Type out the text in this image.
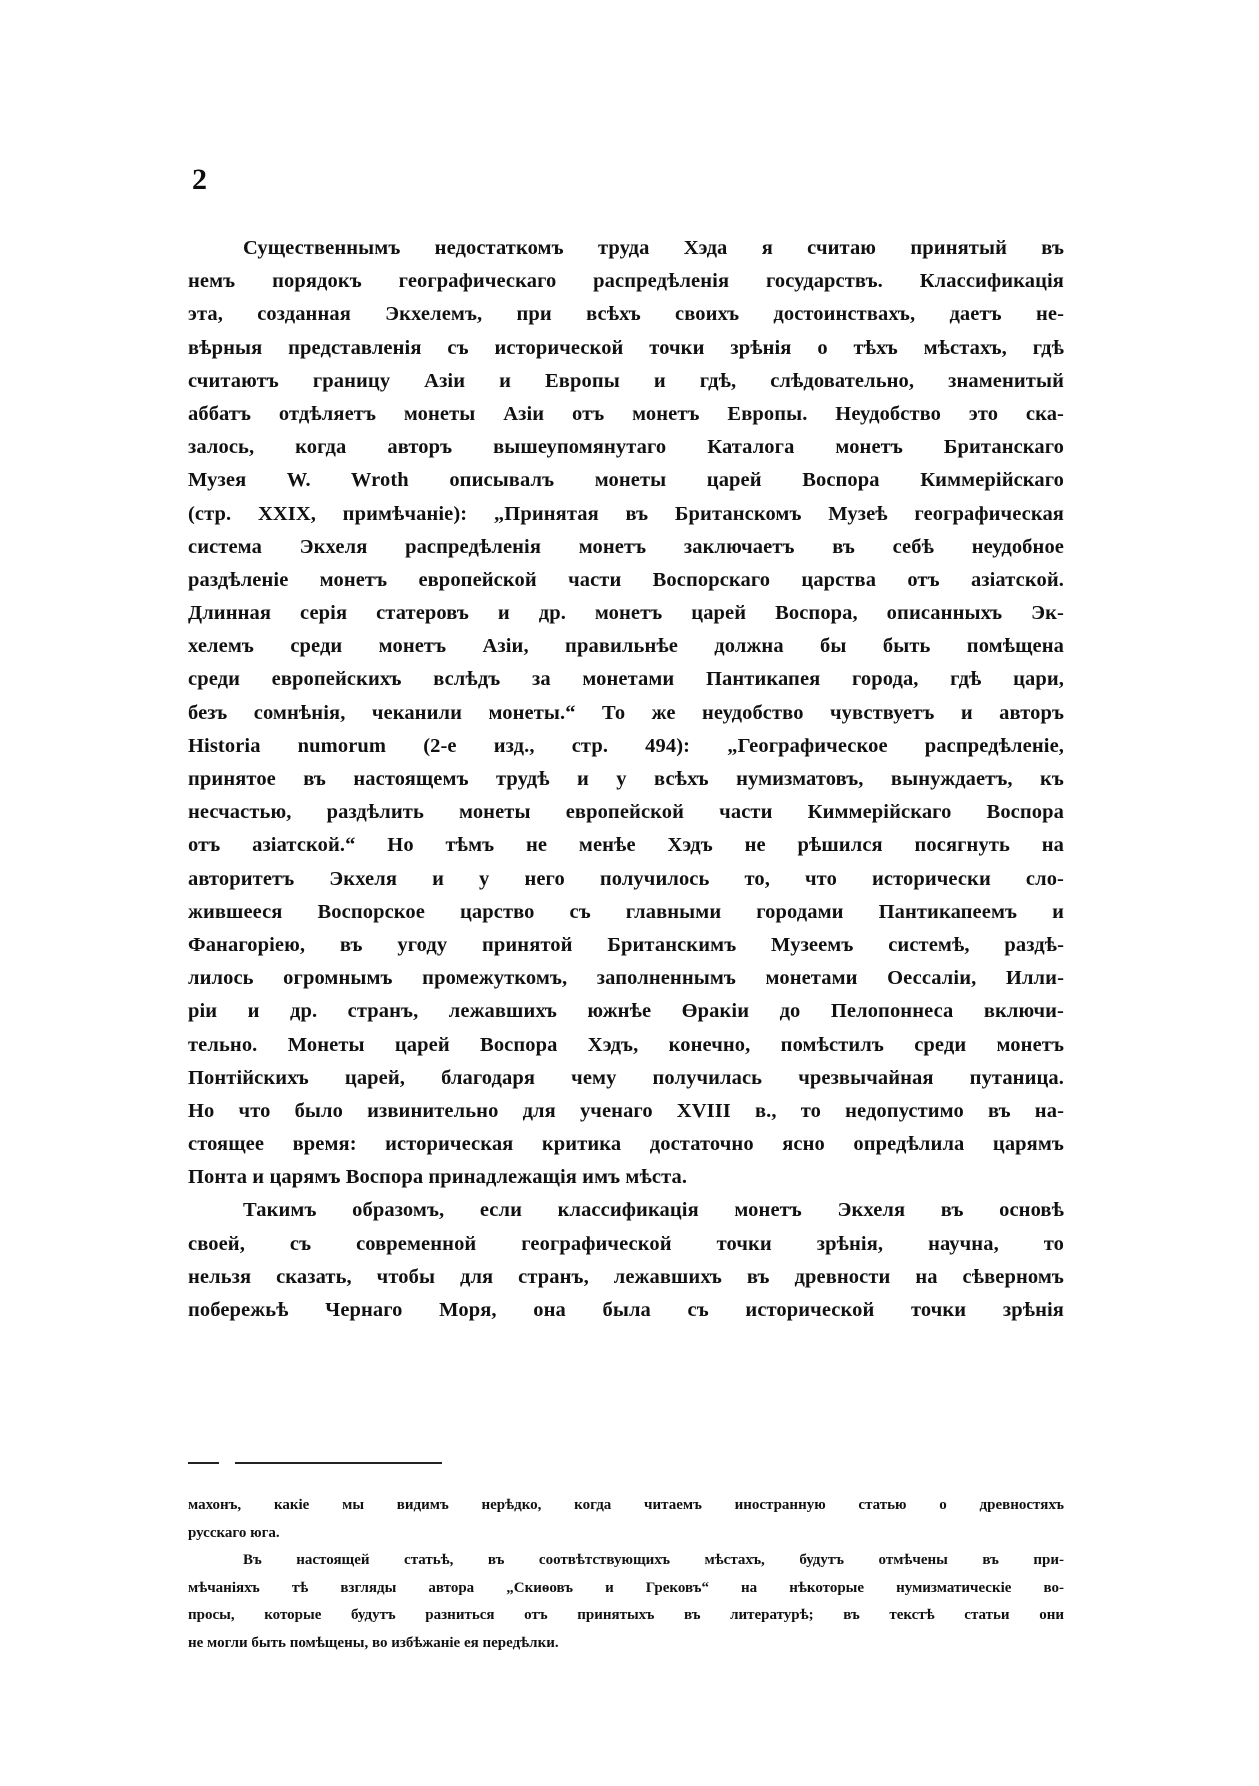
2
Существеннымъ недостаткомъ труда Хэда я считаю принятый въ
немъ порядокъ географическаго распредѣленія государствъ. Классификація
эта, созданная Экхелемъ, при всѣхъ своихъ достоинствахъ, даетъ не-
вѣрныя представленія съ исторической точки зрѣнія о тѣхъ мѣстахъ, гдѣ
считаютъ границу Азіи и Европы и гдѣ, слѣдовательно, знаменитый
аббатъ отдѣляетъ монеты Азіи отъ монетъ Европы. Неудобство это ска-
залось, когда авторъ вышеупомянутаго Каталога монетъ Британскаго
Музея W. Wroth описывалъ монеты царей Воспора Киммерійскаго
(стр. XXIX, примѣчаніе): „Принятая въ Британскомъ Музеѣ географическая
система Экхеля распредѣленія монетъ заключаетъ въ себѣ неудобное
раздѣленіе монетъ европейской части Воспорскаго царства отъ азіатской.
Длинная серія статеровъ и др. монетъ царей Воспора, описанныхъ Эк-
хелемъ среди монетъ Азіи, правильнѣе должна бы быть помѣщена
среди европейскихъ вслѣдъ за монетами Пантикапея города, гдѣ цари,
безъ сомнѣнія, чеканили монеты.“ То же неудобство чувствуетъ и авторъ
Historia numorum (2-е изд., стр. 494): „Географическое распредѣленіе,
принятое въ настоящемъ трудѣ и у всѣхъ нумизматовъ, вынуждаетъ, къ
несчастью, раздѣлить монеты европейской части Киммерійскаго Воспора
отъ азіатской.“ Но тѣмъ не менѣе Хэдъ не рѣшился посягнуть на
авторитетъ Экхеля и у него получилось то, что исторически сло-
жившееся Воспорское царство съ главными городами Пантикапеемъ и
Фанагоріею, въ угоду принятой Британскимъ Музеемъ системѣ, раздѣ-
лилось огромнымъ промежуткомъ, заполненнымъ монетами Оессаліи, Илли-
ріи и др. странъ, лежавшихъ южнѣе Өракіи до Пелопоннеса включи-
тельно. Монеты царей Воспора Хэдъ, конечно, помѣстилъ среди монетъ
Понтійскихъ царей, благодаря чему получилась чрезвычайная путаница.
Но что было извинительно для ученаго XVIII в., то недопустимо въ на-
стоящее время: историческая критика достаточно ясно опредѣлила царямъ
Понта и царямъ Воспора принадлежащія имъ мѣста.
Такимъ образомъ, если классификація монетъ Экхеля въ основѣ
своей, съ современной географической точки зрѣнія, научна, то
нельзя сказать, чтобы для странъ, лежавшихъ въ древности на сѣверномъ
побережьѣ Чернаго Моря, она была съ исторической точки зрѣнія
махонъ, какіе мы видимъ нерѣдко, когда читаемъ иностранную статью о древностяхъ
русскаго юга.
Въ настоящей статьѣ, въ соотвѣтствующихъ мѣстахъ, будутъ отмѣчены въ при-
мѣчаніяхъ тѣ взгляды автора „Скиѳовъ и Грековъ“ на нѣкоторые нумизматическіе во-
просы, которые будутъ разниться отъ принятыхъ въ литературѣ; въ текстѣ статьи они
не могли быть помѣщены, во избѣжаніе ея передѣлки.
